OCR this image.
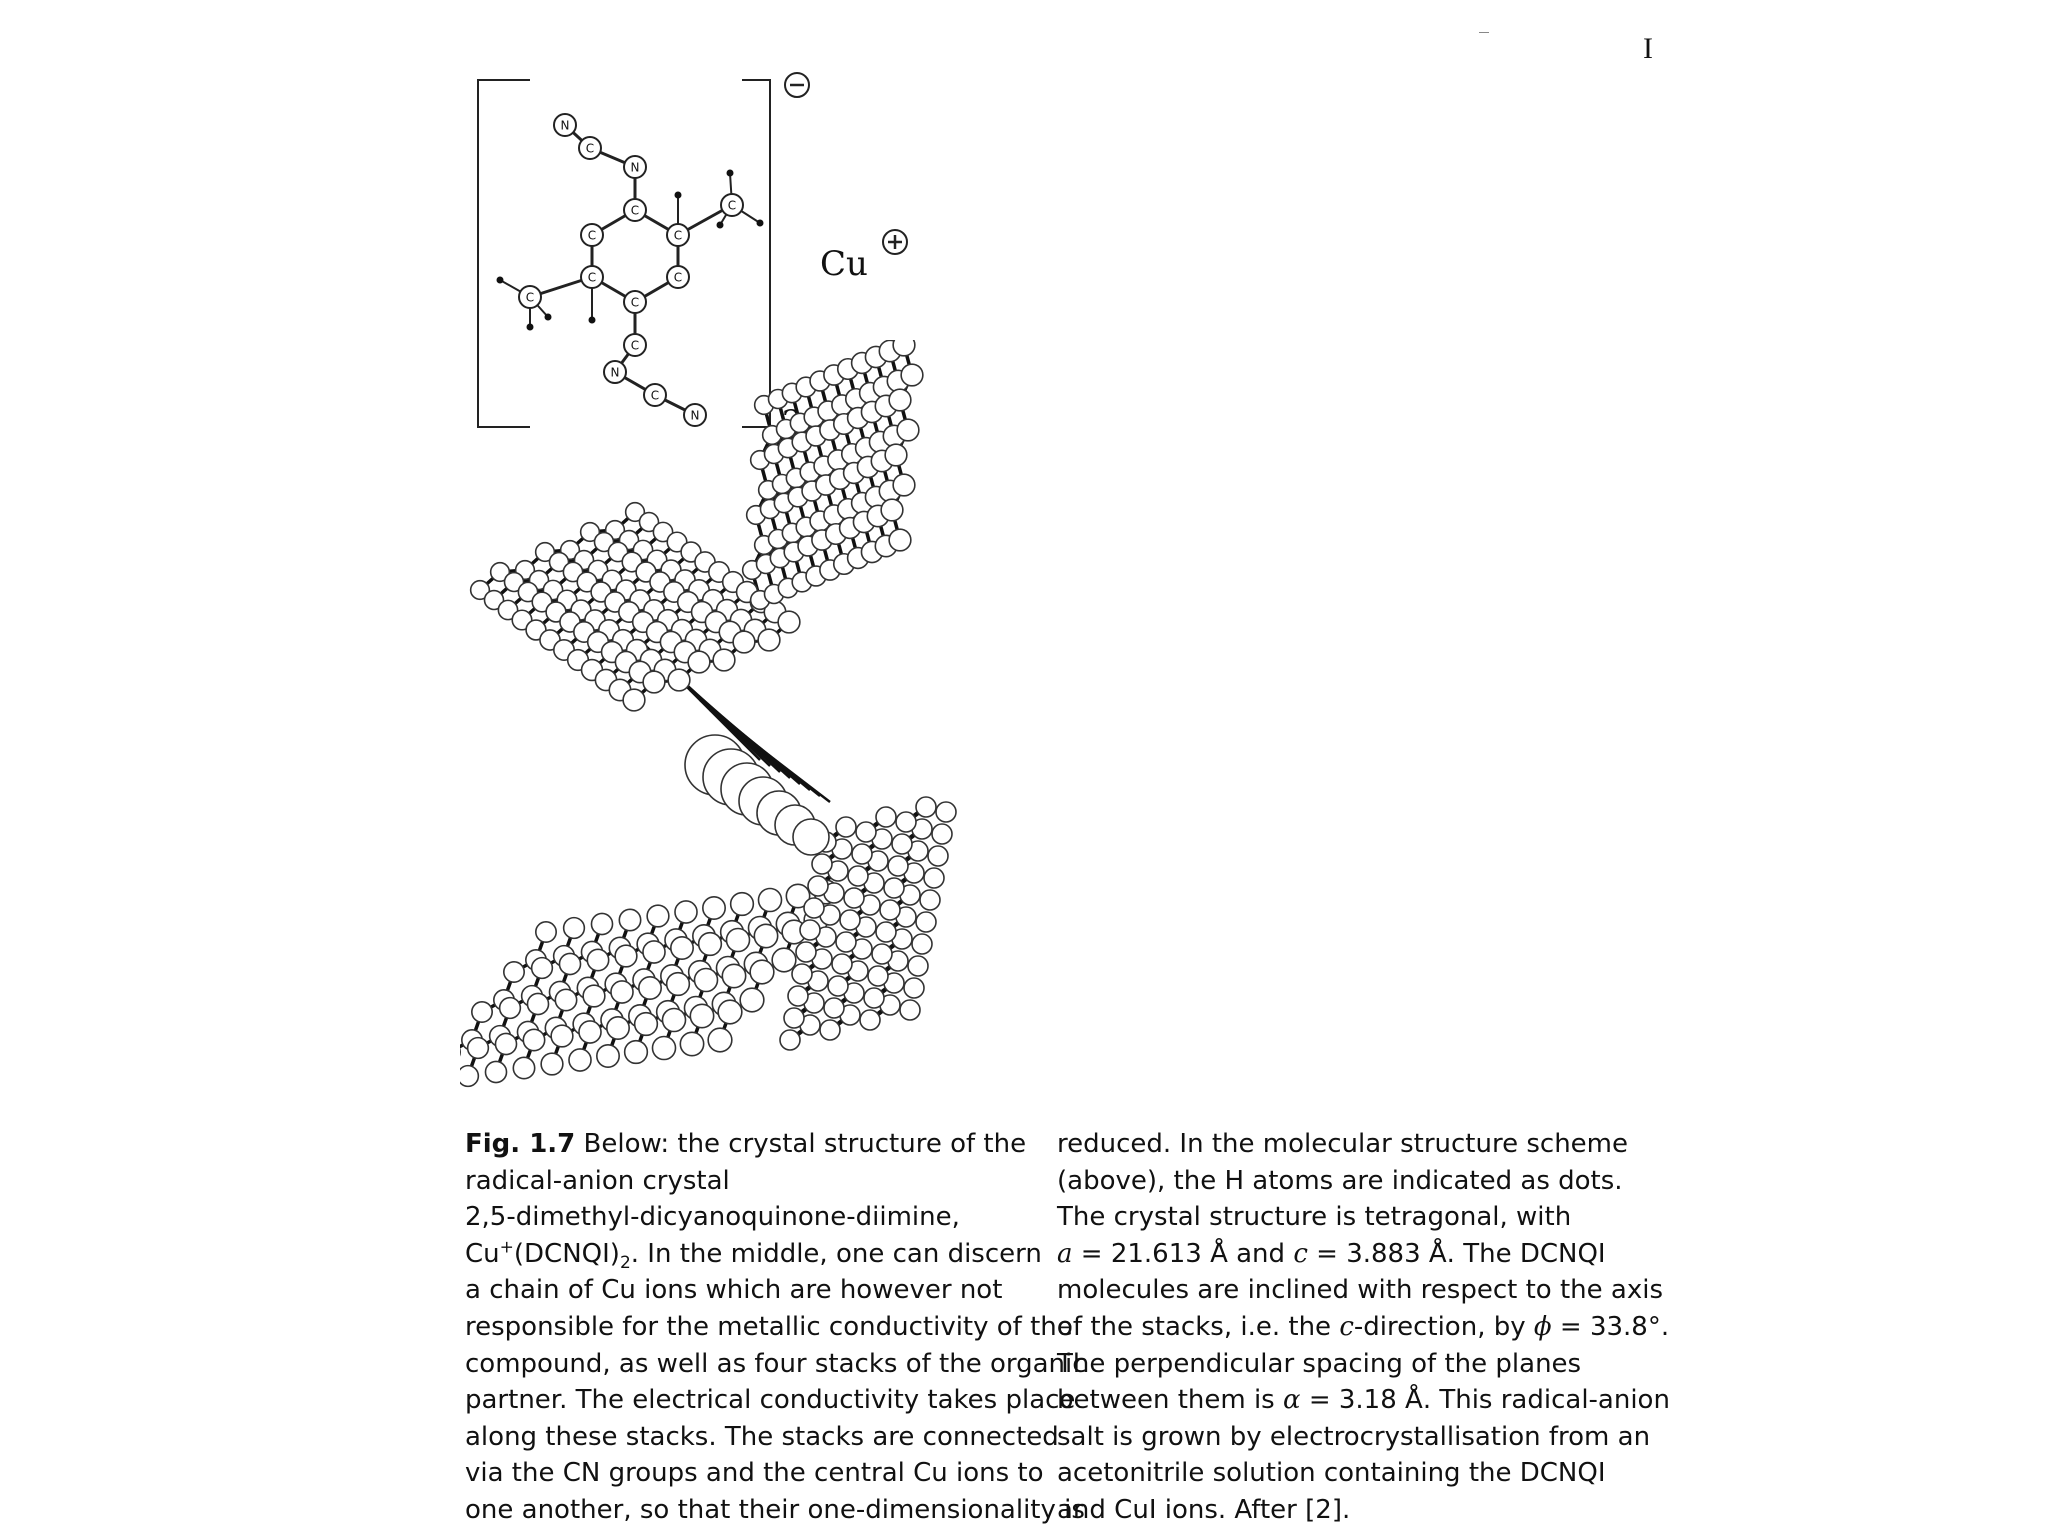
I
N
C
N
C
C
C
C
C
C
C
N
C
N
C
C
Cu
Fig. 1.7 Below: the crystal structure of the
radical-anion crystal
2,5-dimethyl-dicyanoquinone-diimine,
$Cu^+(DCNQI)_2$. In the middle, one can discern
a chain of Cu ions which are however not
responsible for the metallic conductivity of the
compound, as well as four stacks of the organic
partner. The electrical conductivity takes place
along these stacks. The stacks are connected
via the CN groups and the central Cu ions to
one another, so that their one-dimensionality is
reduced. In the molecular structure scheme
(above), the H atoms are indicated as dots.
The crystal structure is tetragonal, with
a = 21.613 Å and c = 3.883 Å. The DCNQI
molecules are inclined with respect to the axis
of the stacks, i.e. the c-direction, by ϕ = 33.8°.
The perpendicular spacing of the planes
between them is α = 3.18 Å. This radical-anion
salt is grown by electrocrystallisation from an
acetonitrile solution containing the DCNQI
and CuI ions. After [2].
